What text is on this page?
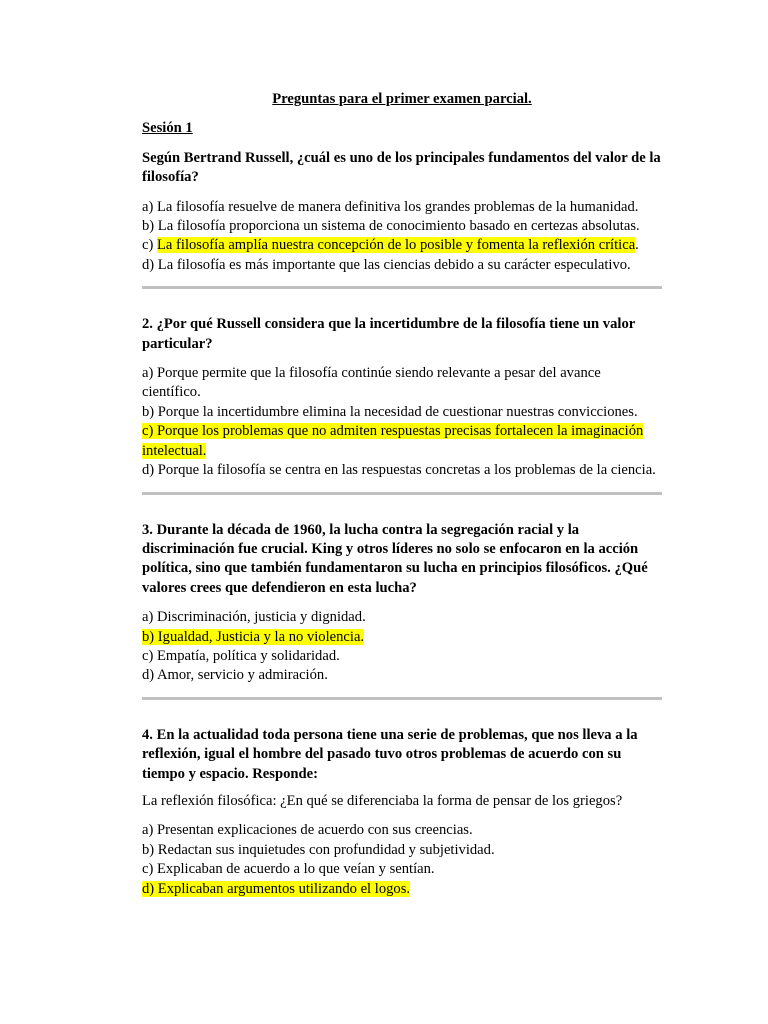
Preguntas para el primer examen parcial.

Sesión 1

Según Bertrand Russell, ¿cuál es uno de los principales fundamentos del valor de la filosofía?

a) La filosofía resuelve de manera definitiva los grandes problemas de la humanidad.
b) La filosofía proporciona un sistema de conocimiento basado en certezas absolutas.
c) La filosofía amplía nuestra concepción de lo posible y fomenta la reflexión crítica.
d) La filosofía es más importante que las ciencias debido a su carácter especulativo.

2. ¿Por qué Russell considera que la incertidumbre de la filosofía tiene un valor particular?

a) Porque permite que la filosofía continúe siendo relevante a pesar del avance científico.
b) Porque la incertidumbre elimina la necesidad de cuestionar nuestras convicciones.
c) Porque los problemas que no admiten respuestas precisas fortalecen la imaginación intelectual.
d) Porque la filosofía se centra en las respuestas concretas a los problemas de la ciencia.

3. Durante la década de 1960, la lucha contra la segregación racial y la discriminación fue crucial. King y otros líderes no solo se enfocaron en la acción política, sino que también fundamentaron su lucha en principios filosóficos. ¿Qué valores crees que defendieron en esta lucha?

a) Discriminación, justicia y dignidad.
b) Igualdad, Justicia y la no violencia.
c) Empatía, política y solidaridad.
d) Amor, servicio y admiración.

4. En la actualidad toda persona tiene una serie de problemas, que nos lleva a la reflexión, igual el hombre del pasado tuvo otros problemas de acuerdo con su tiempo y espacio. Responde:

La reflexión filosófica: ¿En qué se diferenciaba la forma de pensar de los griegos?

a) Presentan explicaciones de acuerdo con sus creencias.
b) Redactan sus inquietudes con profundidad y subjetividad.
c) Explicaban de acuerdo a lo que veían y sentían.
d) Explicaban argumentos utilizando el logos.
